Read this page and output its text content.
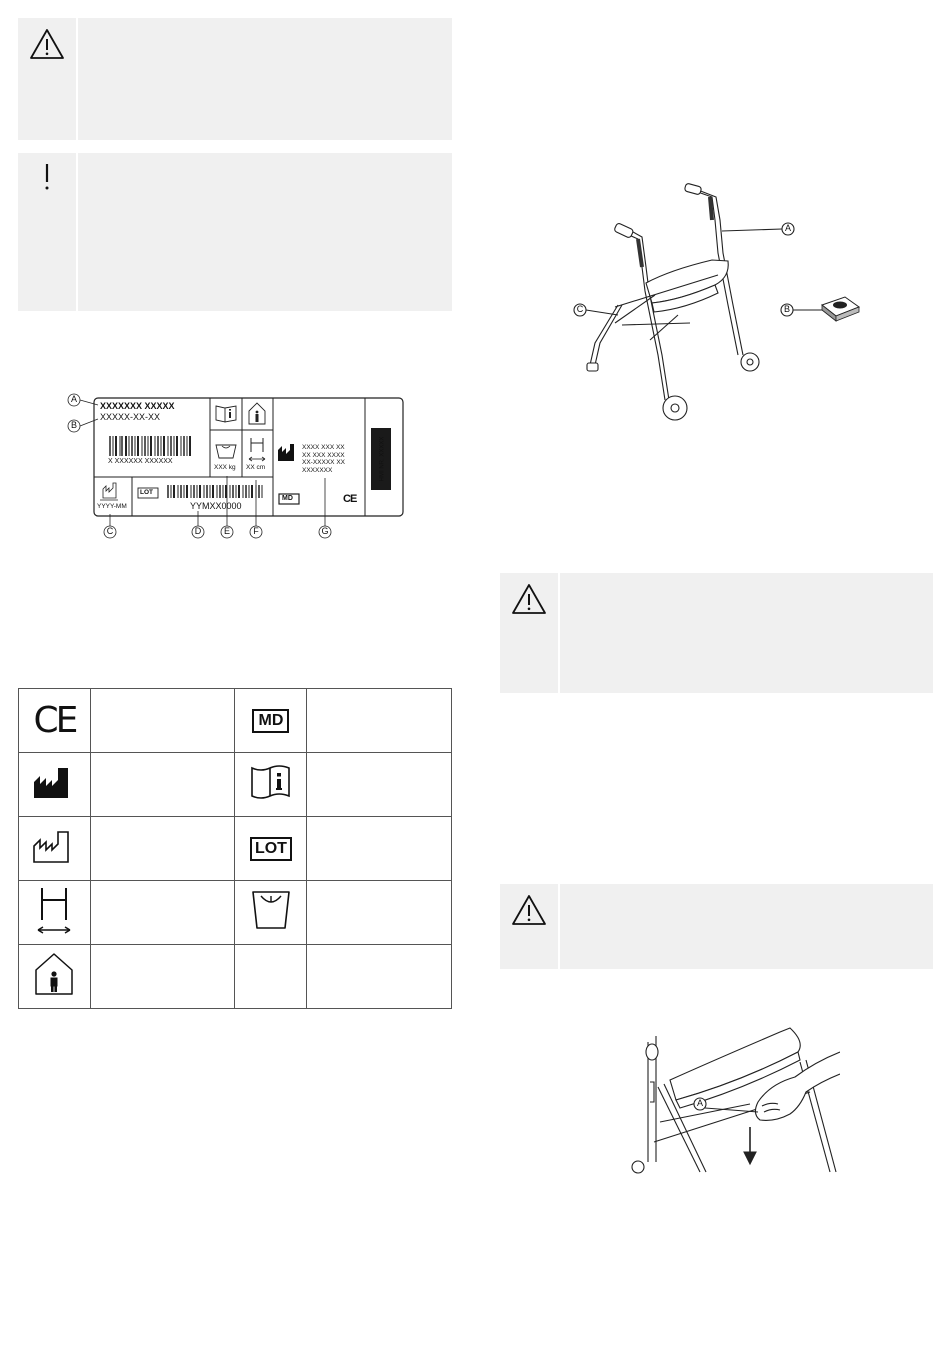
A
B
C	D	E	F	G
XXXXXXX XXXXX
XXXXX-XX-XX
X XXXXXX XXXXXX
XXX kg XX cm
XXXX XXX XX
XX XXX XXXX
XX-XXXXX XX
XXXXXXX
YYYY-MM
LOT
YYMXX0000
MD	CE
HMI NR. XXXXX
CE		MD	

		LOT	

A
B
C
A
